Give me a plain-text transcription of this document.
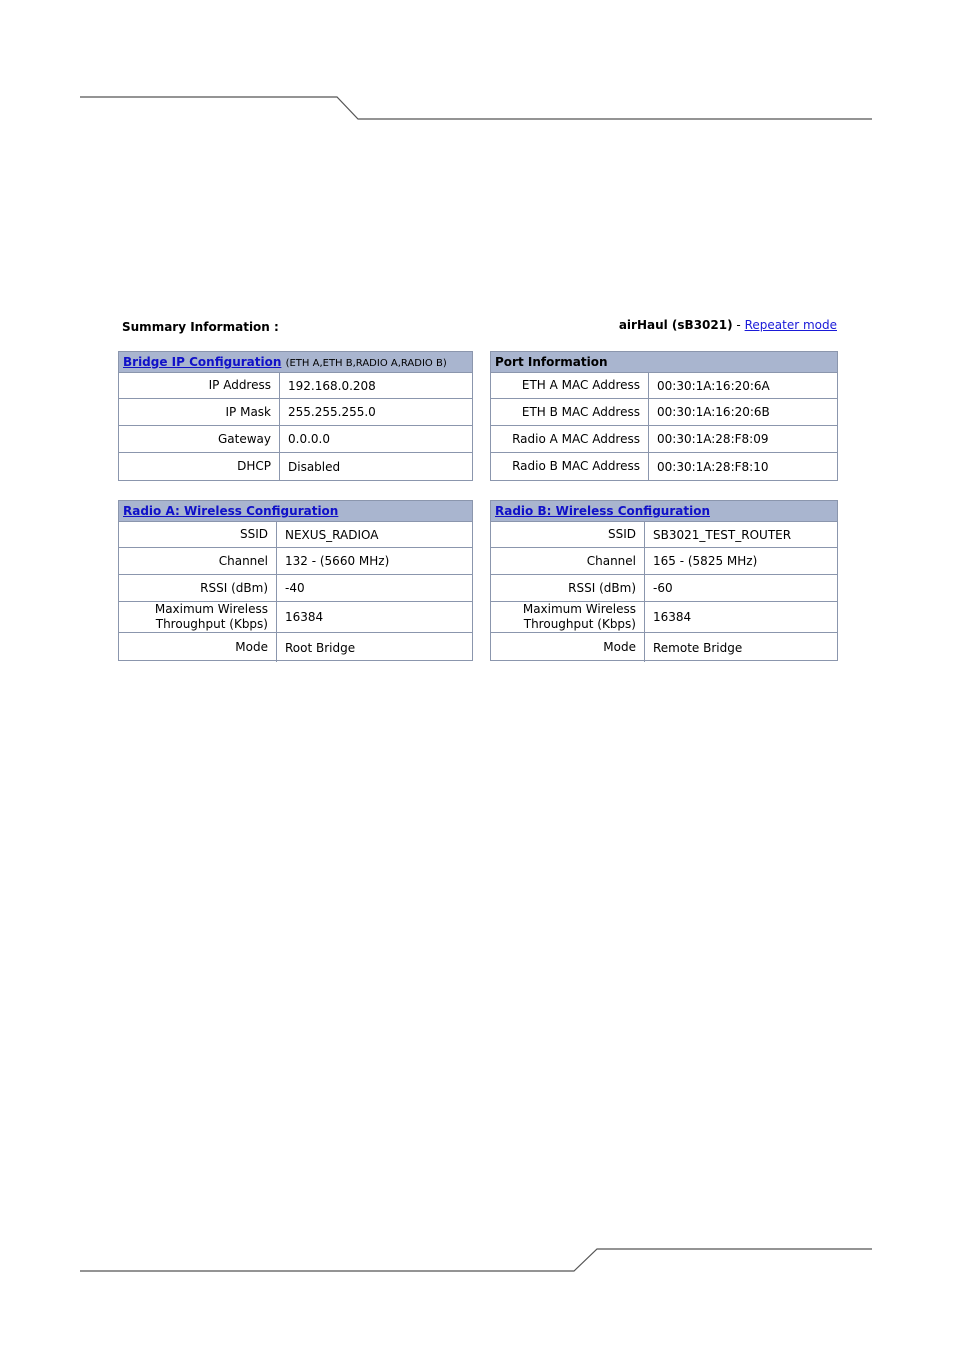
Summary Information :	airHaul (sB3021) - Repeater mode
Bridge IP Configuration (ETH A,ETH B,RADIO A,RADIO B)
IP Address	192.168.0.208
IP Mask	255.255.255.0
Gateway	0.0.0.0
DHCP	Disabled
Port Information
ETH A MAC Address	00:30:1A:16:20:6A
ETH B MAC Address	00:30:1A:16:20:6B
Radio A MAC Address	00:30:1A:28:F8:09
Radio B MAC Address	00:30:1A:28:F8:10
Radio A: Wireless Configuration
SSID	NEXUS_RADIOA
Channel	132 - (5660 MHz)
RSSI (dBm)	-40
Maximum Wireless Throughput (Kbps)	16384
Mode	Root Bridge
Radio B: Wireless Configuration
SSID	SB3021_TEST_ROUTER
Channel	165 - (5825 MHz)
RSSI (dBm)	-60
Maximum Wireless Throughput (Kbps)	16384
Mode	Remote Bridge
